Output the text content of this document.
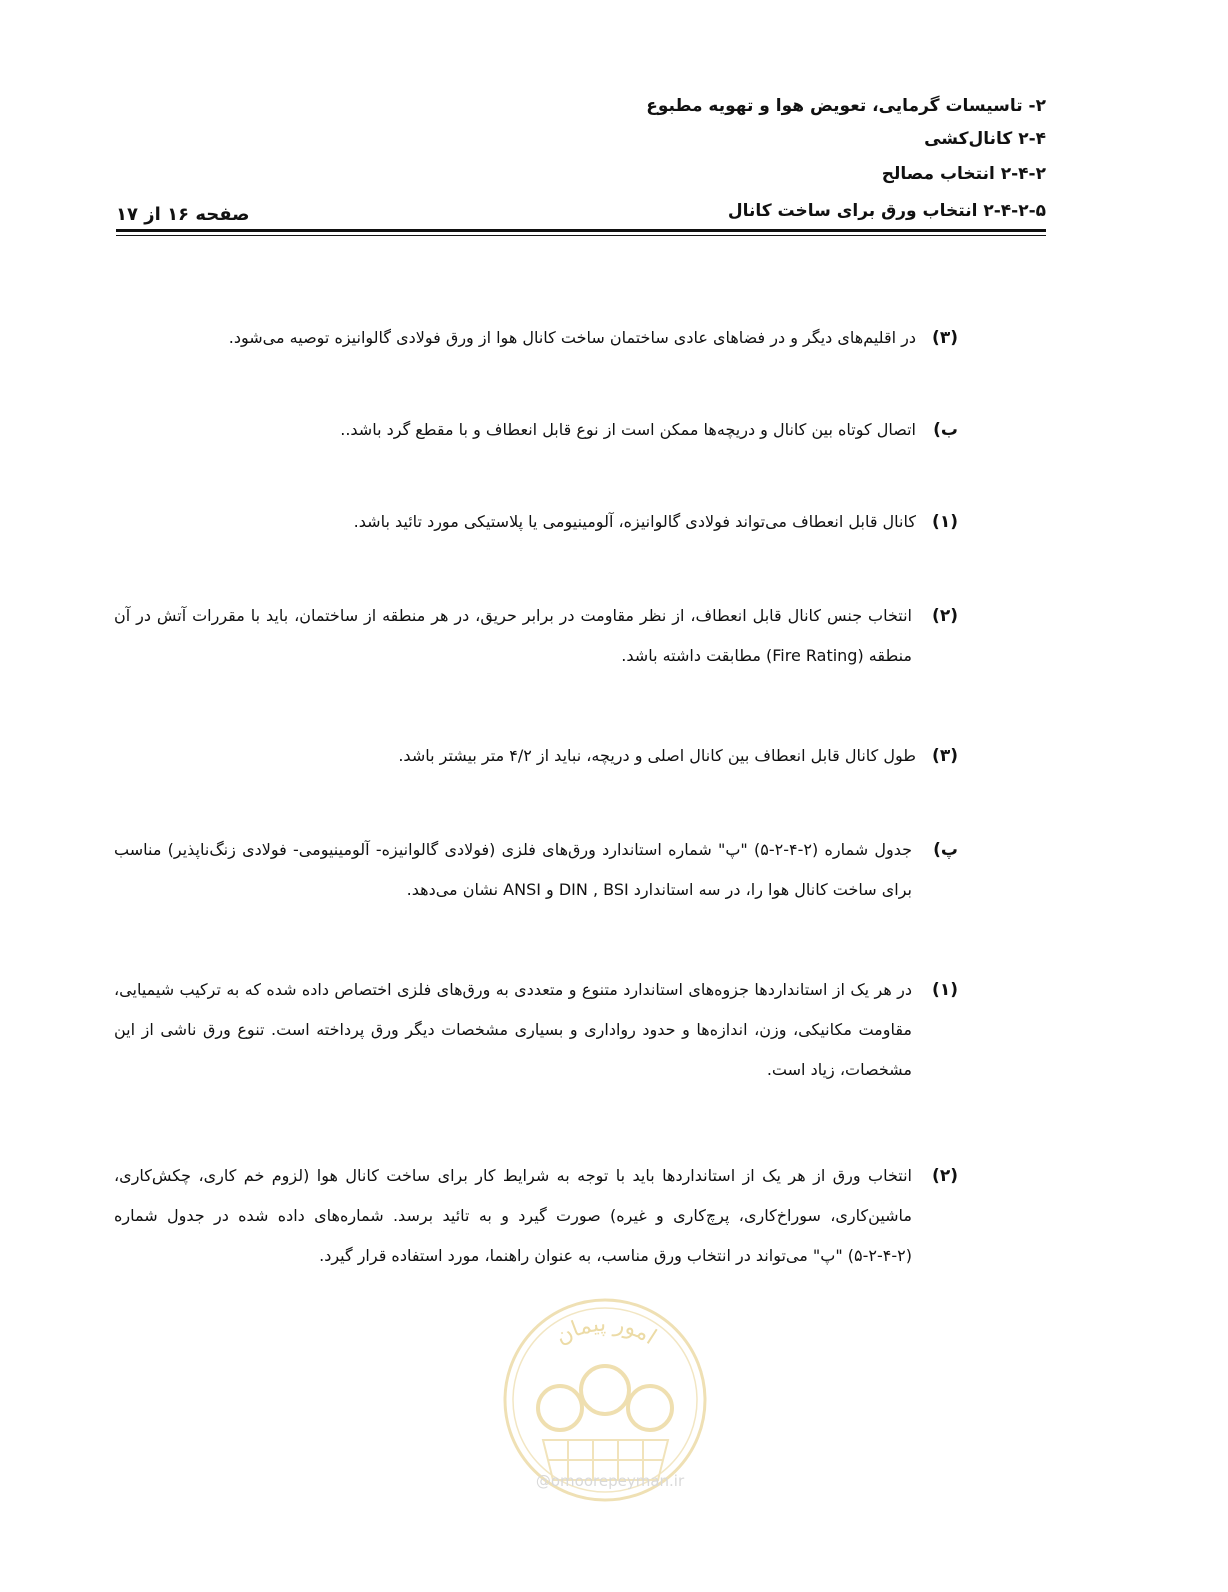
۲- تاسیسات گرمایی، تعویض هوا و تهویه مطبوع
۲-۴ کانال‌کشی
۲-۴-۲ انتخاب مصالح
۲-۴-۲-۵ انتخاب ورق برای ساخت کانال
صفحه ۱۶ از ۱۷
(۳)
در اقلیم‌های دیگر و در فضاهای عادی ساختمان ساخت کانال هوا از ورق فولادی گالوانیزه توصیه می‌شود.
ب)
اتصال کوتاه بین کانال و دریچه‌ها ممکن است از نوع قابل انعطاف و با مقطع گرد باشد..
(۱)
کانال قابل انعطاف می‌تواند فولادی گالوانیزه، آلومینیومی یا پلاستیکی مورد تائید باشد.
(۲)
انتخاب جنس کانال قابل انعطاف، از نظر مقاومت در برابر حریق، در هر منطقه از ساختمان، باید با مقررات آتش در آن منطقه (Fire Rating) مطابقت داشته باشد.
(۳)
طول کانال قابل انعطاف بین کانال اصلی و دریچه، نباید از ۴/۲ متر بیشتر باشد.
پ)
جدول شماره (۲-۴-۲-۵) "پ" شماره استاندارد ورق‌های فلزی (فولادی گالوانیزه- آلومینیومی- فولادی زنگ‌ناپذیر) مناسب برای ساخت کانال هوا را، در سه استاندارد DIN , BSI و ANSI نشان می‌دهد.
(۱)
در هر یک از استانداردها جزوه‌های استاندارد متنوع و متعددی به ورق‌های فلزی اختصاص داده شده که به ترکیب شیمیایی، مقاومت مکانیکی، وزن، اندازه‌ها و حدود رواداری و بسیاری مشخصات دیگر ورق پرداخته است. تنوع ورق ناشی از این مشخصات، زیاد است.
(۲)
انتخاب ورق از هر یک از استانداردها باید با توجه به شرایط کار برای ساخت کانال هوا (لزوم خم کاری، چکش‌کاری، ماشین‌کاری، سوراخ‌کاری، پرچ‌کاری و غیره) صورت گیرد و به تائید برسد. شماره‌های داده شده در جدول شماره (۲-۴-۲-۵) "پ" می‌تواند در انتخاب ورق مناسب، به عنوان راهنما، مورد استفاده قرار گیرد.
امور پیمان
@omoorepeyman.ir
